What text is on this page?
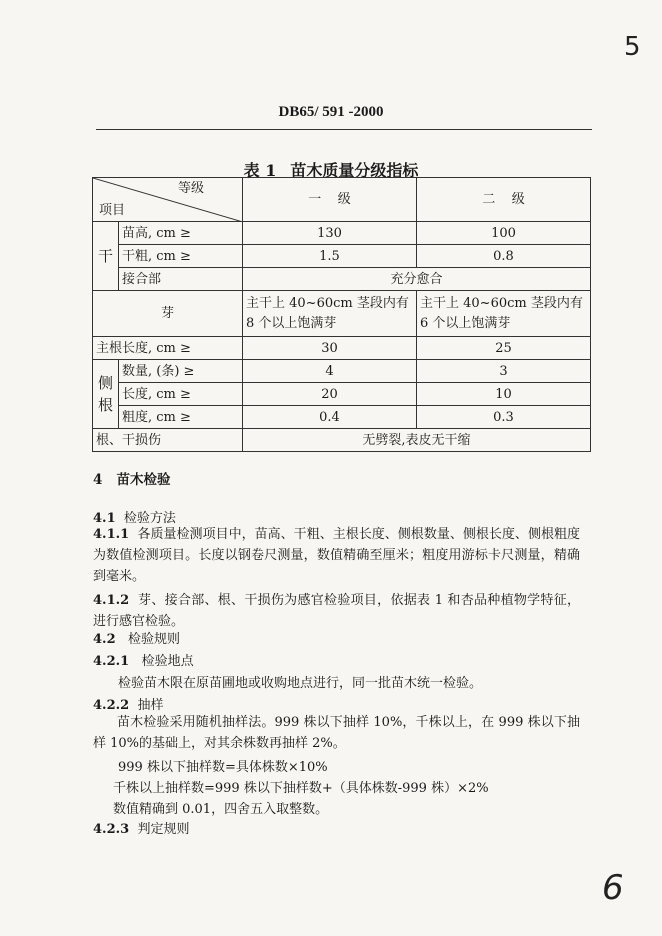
5
6
DB65/ 591 -2000
表 1 苗木质量分级指标
等级
项目		一    级	二    级
干	苗高, cm ≥	130	100
	干粗, cm ≥	1.5	0.8
	接合部	充分愈合	
芽		主干上 40~60cm 茎段内有 8 个以上饱满芽	主干上 40~60cm 茎段内有 6 个以上饱满芽
主根长度, cm ≥		30	25
侧根	数量, (条) ≥	4	3
	长度, cm ≥	20	10
	粗度, cm ≥	0.4	0.3
根、干损伤		无劈裂,表皮无干缩	
4 苗木检验
4.1 检验方法
4.1.1 各质量检测项目中，苗高、干粗、主根长度、侧根数量、侧根长度、侧根粗度为数值检测项目。长度以钢卷尺测量，数值精确至厘米；粗度用游标卡尺测量，精确到毫米。
4.1.2 芽、接合部、根、干损伤为感官检验项目，依据表 1 和杏品种植物学特征，进行感官检验。
4.2 检验规则
4.2.1 检验地点
检验苗木限在原苗圃地或收购地点进行，同一批苗木统一检验。
4.2.2 抽样
苗木检验采用随机抽样法。999 株以下抽样 10%，千株以上，在 999 株以下抽样 10%的基础上，对其余株数再抽样 2%。
999 株以下抽样数=具体株数×10%
千株以上抽样数=999 株以下抽样数+（具体株数-999 株）×2%
数值精确到 0.01，四舍五入取整数。
4.2.3 判定规则
